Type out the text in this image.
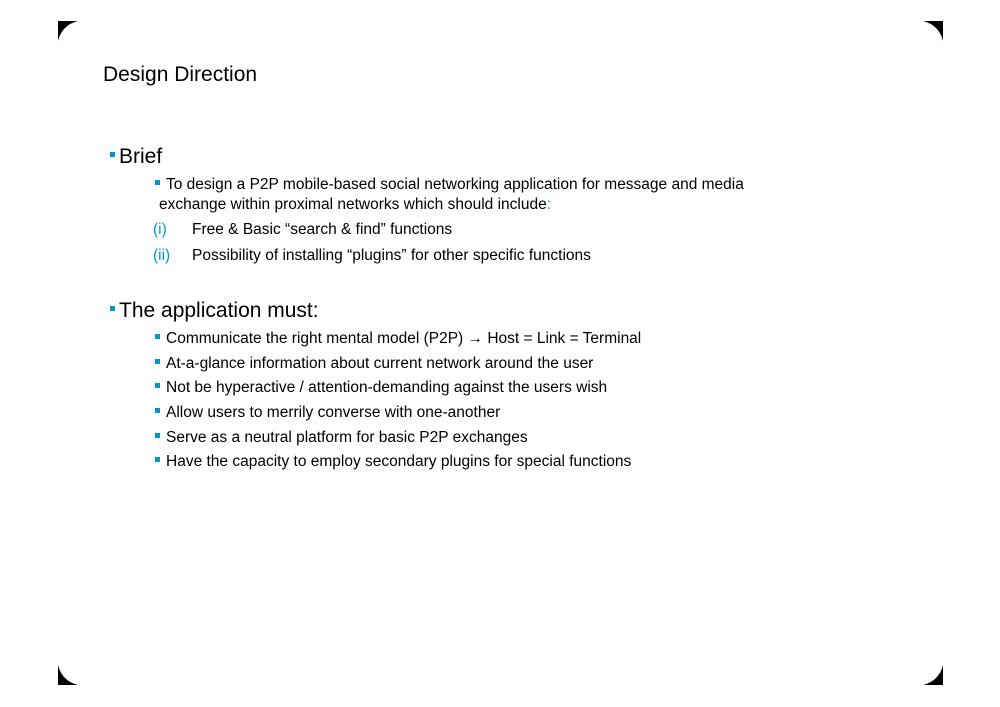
Design Direction
Brief
To design a P2P mobile-based social networking application for message and media
exchange within proximal networks which should include:
(i) Free & Basic “search & find” functions
(ii) Possibility of installing “plugins” for other specific functions
The application must:
Communicate the right mental model (P2P) → Host = Link = Terminal
At-a-glance information about current network around the user
Not be hyperactive / attention-demanding against the users wish
Allow users to merrily converse with one-another
Serve as a neutral platform for basic P2P exchanges
Have the capacity to employ secondary plugins for special functions
